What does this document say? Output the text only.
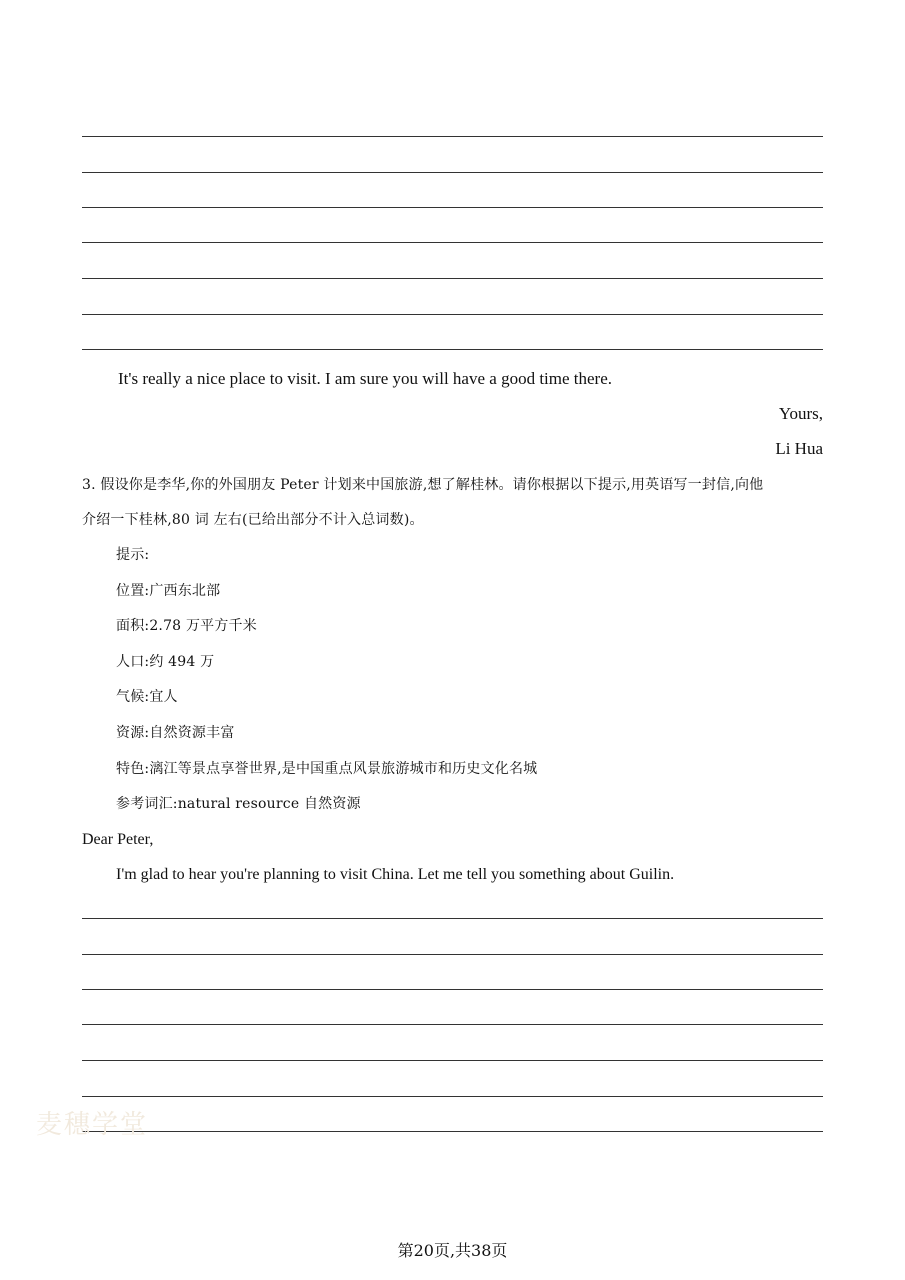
It's really a nice place to visit. I am sure you will have a good time there.
Yours,
Li Hua
3. 假设你是李华,你的外国朋友 Peter 计划来中国旅游,想了解桂林。请你根据以下提示,用英语写一封信,向他
介绍一下桂林,80 词 左右(已给出部分不计入总词数)。
提示:
位置:广西东北部
面积:2.78 万平方千米
人口:约 494 万
气候:宜人
资源:自然资源丰富
特色:漓江等景点享誉世界,是中国重点风景旅游城市和历史文化名城
参考词汇:natural resource 自然资源
Dear Peter,
I'm glad to hear you're planning to visit China. Let me tell you something about Guilin.
麦穗学堂
第20页,共38页
